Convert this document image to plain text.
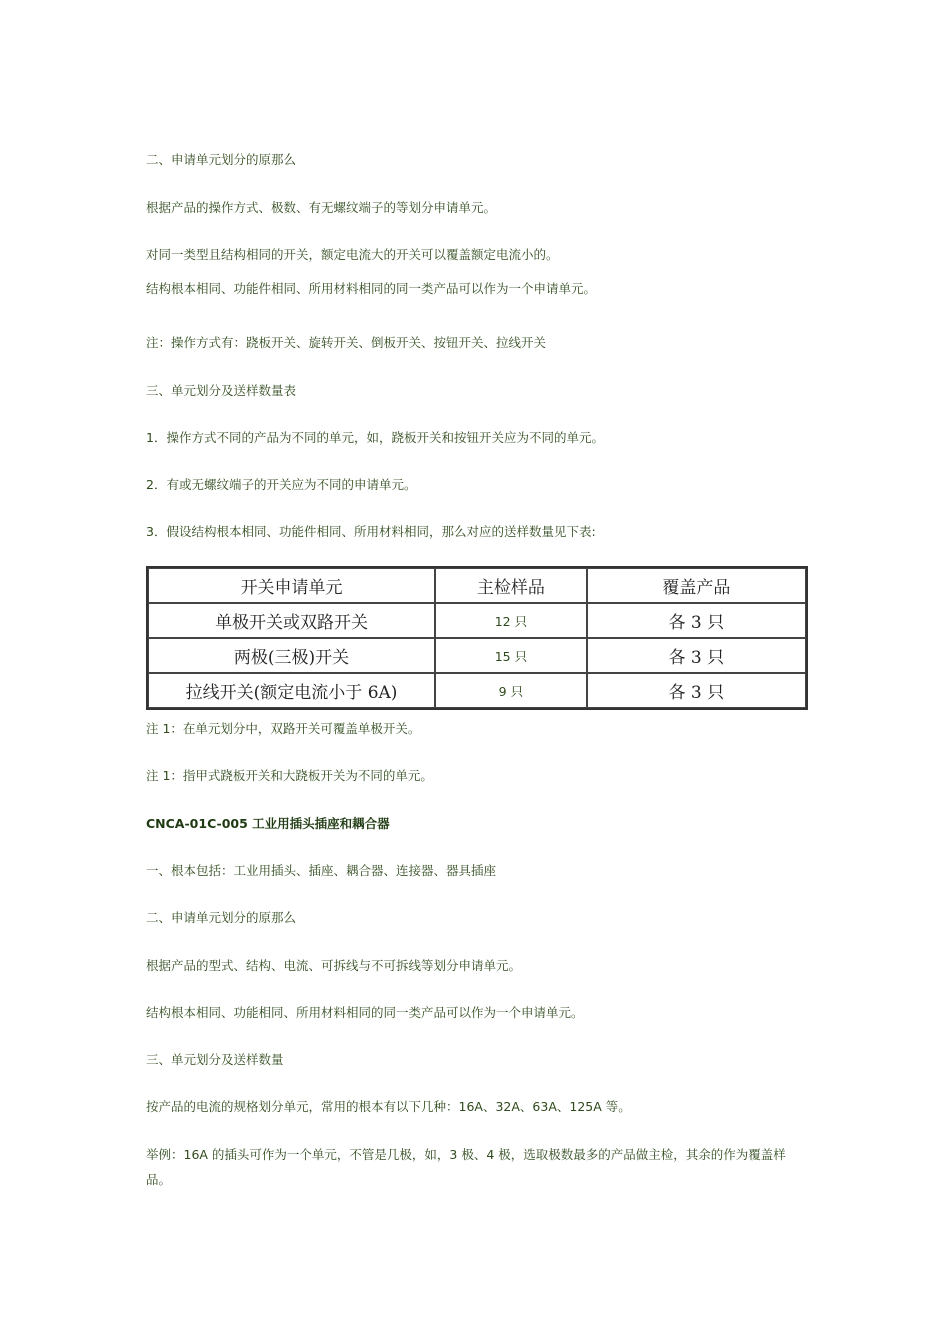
二、申请单元划分的原那么
根据产品的操作方式、极数、有无螺纹端子的等划分申请单元。
对同一类型且结构相同的开关，额定电流大的开关可以覆盖额定电流小的。
结构根本相同、功能件相同、所用材料相同的同一类产品可以作为一个申请单元。
注：操作方式有：跷板开关、旋转开关、倒板开关、按钮开关、拉线开关
三、单元划分及送样数量表
1．操作方式不同的产品为不同的单元，如，跷板开关和按钮开关应为不同的单元。
2．有或无螺纹端子的开关应为不同的申请单元。
3．假设结构根本相同、功能件相同、所用材料相同，那么对应的送样数量见下表:
开关申请单元	主检样品	覆盖产品
单极开关或双路开关	12 只	各 3 只
两极(三极)开关	15 只	各 3 只
拉线开关(额定电流小于 6A)	9 只	各 3 只
注 1：在单元划分中，双路开关可覆盖单极开关。
注 1：指甲式跷板开关和大跷板开关为不同的单元。
CNCA-01C-005 工业用插头插座和耦合器
一、根本包括：工业用插头、插座、耦合器、连接器、器具插座
二、申请单元划分的原那么
根据产品的型式、结构、电流、可拆线与不可拆线等划分申请单元。
结构根本相同、功能相同、所用材料相同的同一类产品可以作为一个申请单元。
三、单元划分及送样数量
按产品的电流的规格划分单元，常用的根本有以下几种：16A、32A、63A、125A 等。
举例：16A 的插头可作为一个单元，不管是几极，如，3 极、4 极，选取极数最多的产品做主检，其余的作为覆盖样品。
